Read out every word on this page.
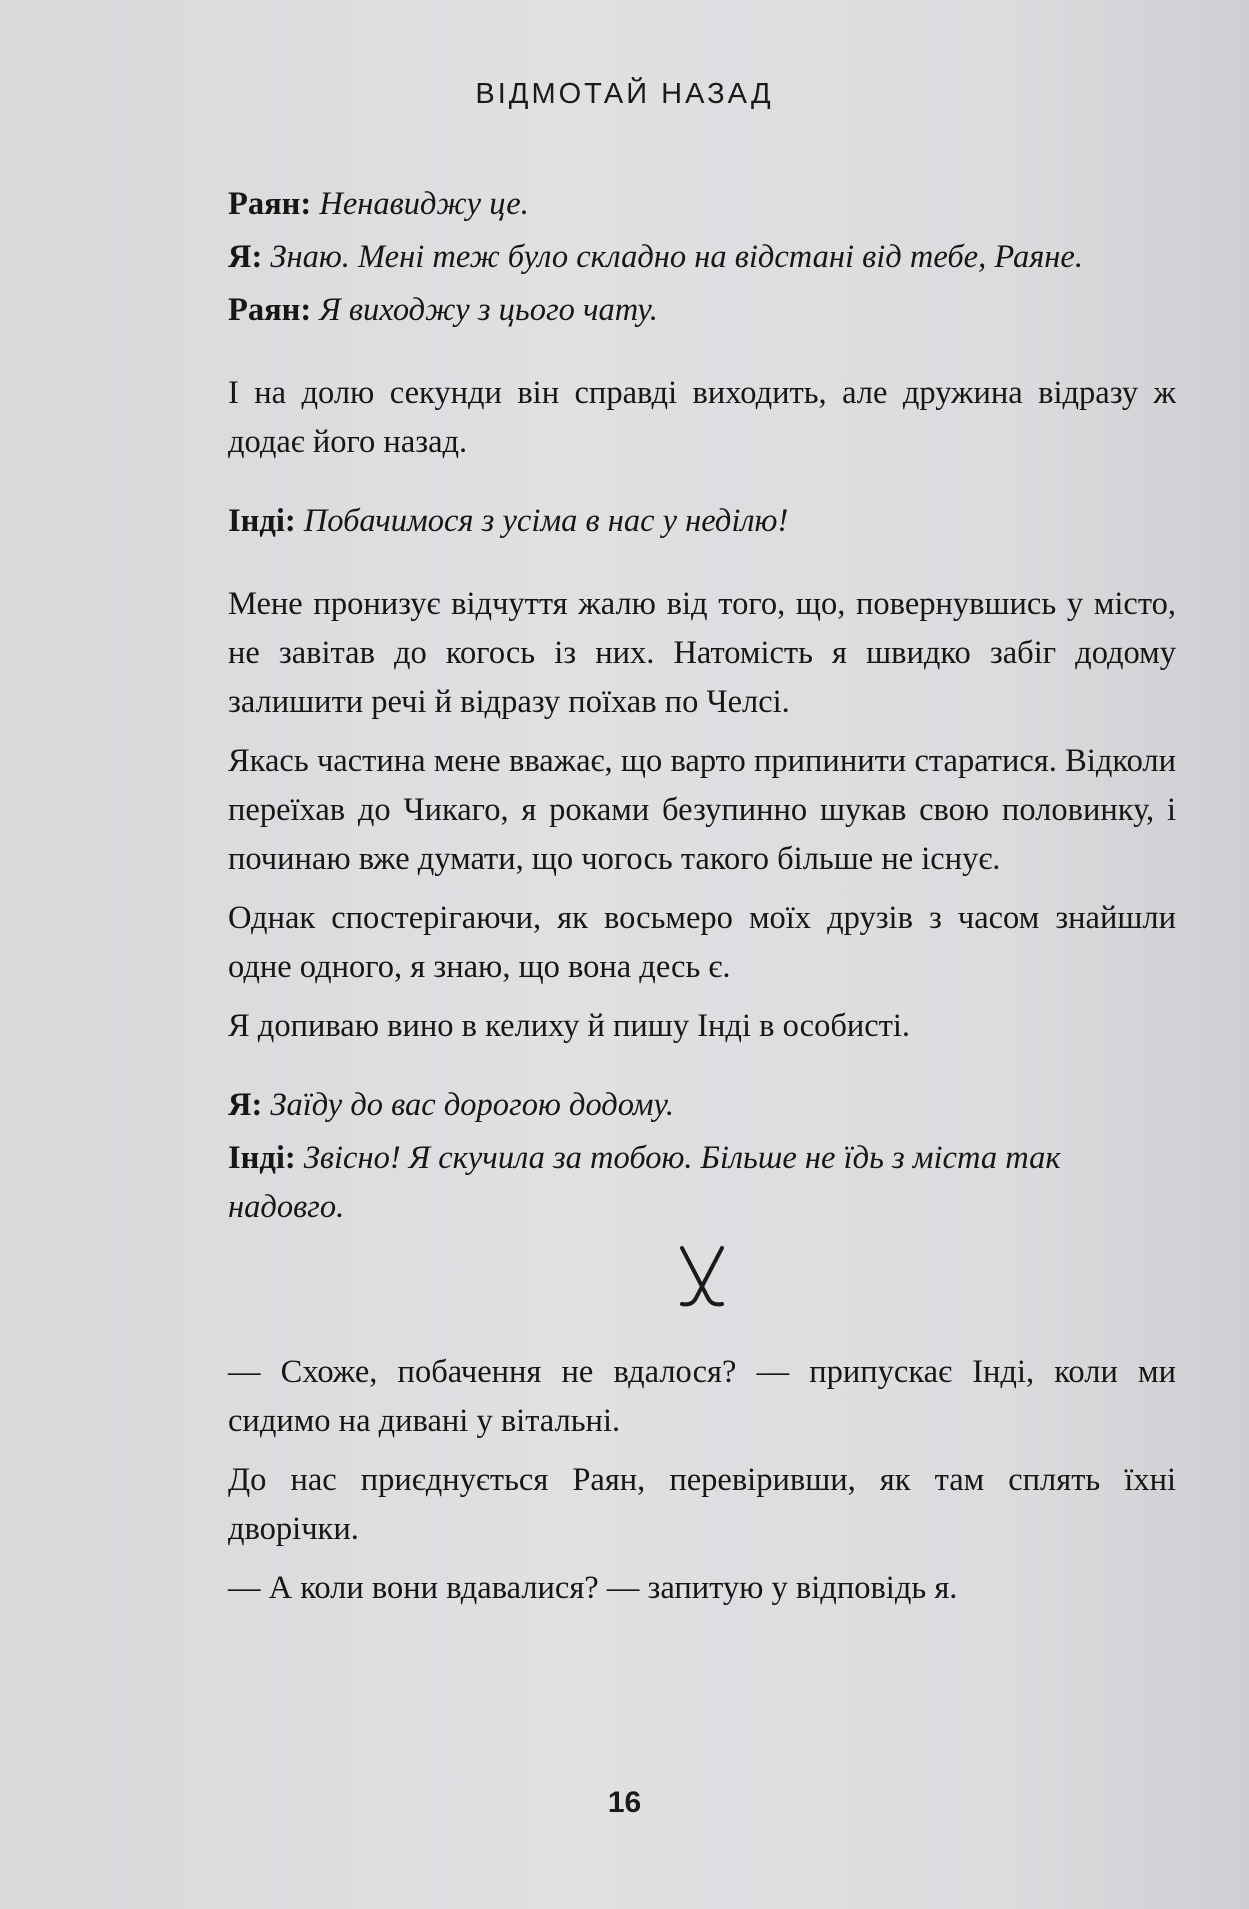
ВІДМОТАЙ НАЗАД

Раян: Ненавиджу це.

Я: Знаю. Мені теж було складно на відстані від тебе, Раяне.

Раян: Я виходжу з цього чату.

І на долю секунди він справді виходить, але дружина відразу ж додає його назад.

Інді: Побачимося з усіма в нас у неділю!

Мене пронизує відчуття жалю від того, що, повернувшись у місто, не завітав до когось із них. Натомість я швидко забіг додому залишити речі й відразу поїхав по Челсі.

Якась частина мене вважає, що варто припинити старатися. Відколи переїхав до Чикаго, я роками безупинно шукав свою половинку, і починаю вже думати, що чогось такого більше не існує.

Однак спостерігаючи, як восьмеро моїх друзів з часом знайшли одне одного, я знаю, що вона десь є.

Я допиваю вино в келиху й пишу Інді в особисті.

Я: Заїду до вас дорогою додому.

Інді: Звісно! Я скучила за тобою. Більше не їдь з міста так надовго.

— Схоже, побачення не вдалося? — припускає Інді, коли ми сидимо на дивані у вітальні.

До нас приєднується Раян, перевіривши, як там сплять їхні дворічки.

— А коли вони вдавалися? — запитую у відповідь я.

16
